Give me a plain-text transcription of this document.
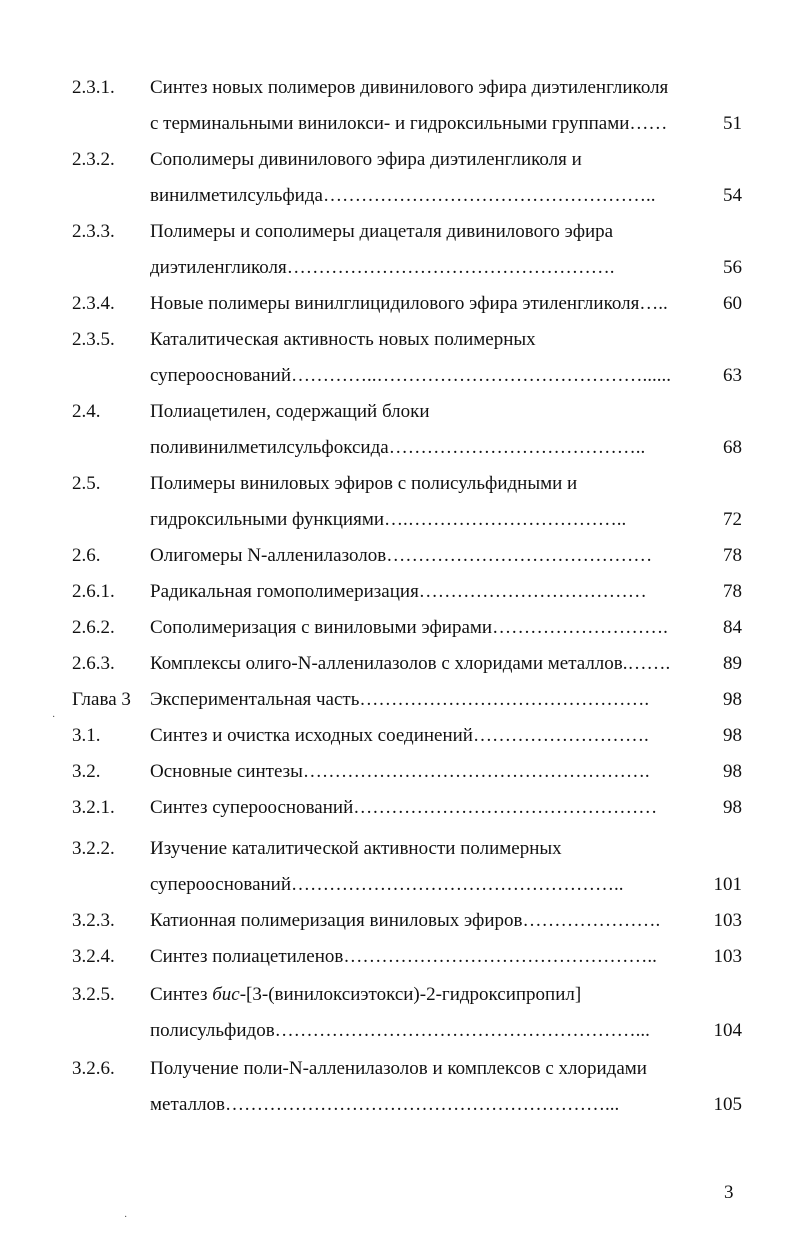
2.3.1. Синтез новых полимеров дивинилового эфира диэтиленгликоля
с терминальными винилокси- и гидроксильными группами……	51
2.3.2. Сополимеры дивинилового эфира диэтиленгликоля и
винилметилсульфида……………………………………………..	54
2.3.3. Полимеры и сополимеры диацеталя дивинилового эфира
диэтиленгликоля…………………………………………….	56
2.3.4. Новые полимеры винилглицидилового эфира этиленгликоля…..	60
2.3.5. Каталитическая активность новых полимерных
суперооснований…………..……………………………………......	63
2.4.	Полиацетилен, содержащий блоки
поливинилметилсульфоксида…………………………………..	68
2.5.	Полимеры виниловых эфиров с полисульфидными и
гидроксильными функциями….……………………………..	72
2.6.	Олигомеры N-алленилазолов……………………………………	78
2.6.1. Радикальная гомополимеризация………………………………	78
2.6.2. Сополимеризация с виниловыми эфирами……………………….	84
2.6.3. Комплексы олиго-N-алленилазолов с хлоридами металлов.…….	89
Глава 3 Экспериментальная часть……………………………………….	98
3.1.	Синтез и очистка исходных соединений……………………….	98
3.2.	Основные синтезы……………………………………………….	98
3.2.1. Синтез суперооснований…………………………………………	98
3.2.2. Изучение каталитической активности полимерных
суперооснований……………………………………………..	101
3.2.3. Катионная полимеризация виниловых эфиров………………….	103
3.2.4. Синтез полиацетиленов…………………………………………..	103
3.2.5. Синтез бис-[3-(винилоксиэтокси)-2-гидроксипропил]
полисульфидов…………………………………………………...	104
3.2.6. Получение поли-N-алленилазолов и комплексов с хлоридами
металлов……………………………………………………...	105
·
·
3
